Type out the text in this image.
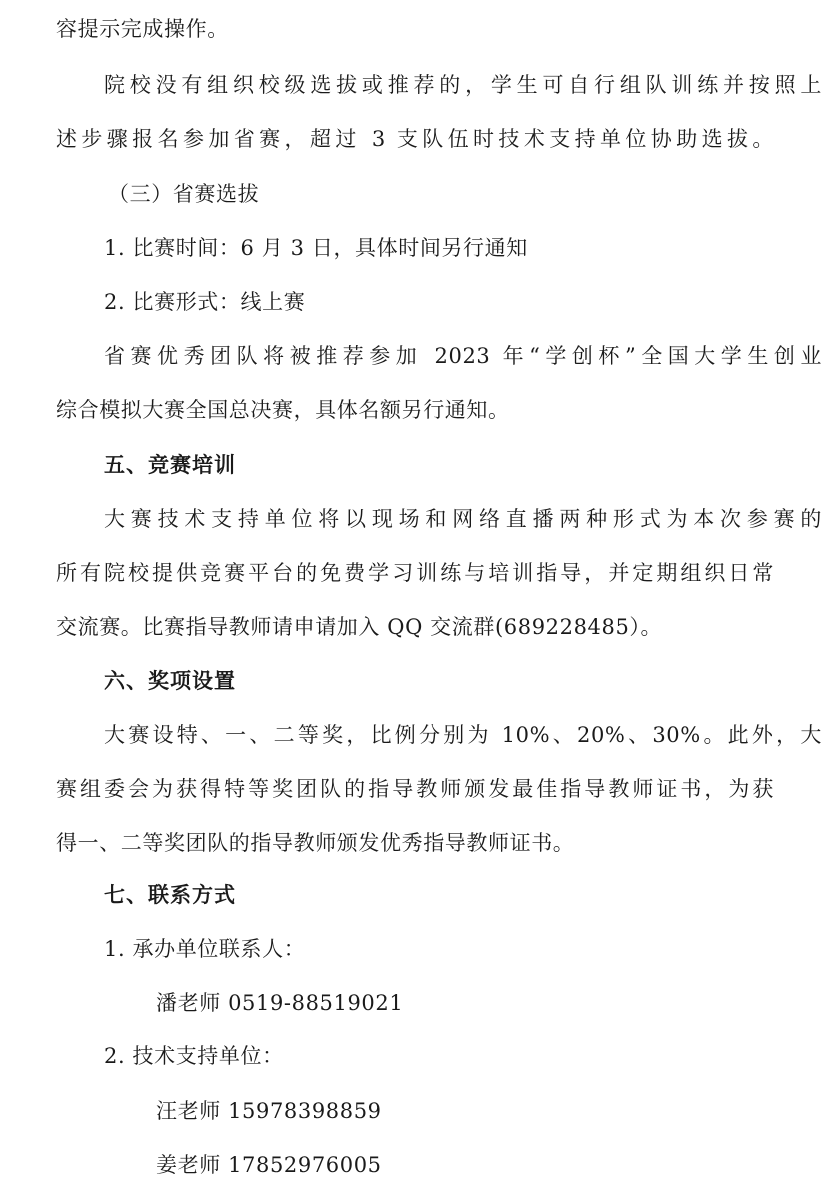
容提示完成操作。
院校没有组织校级选拔或推荐的，学生可自行组队训练并按照上
述步骤报名参加省赛，超过 3 支队伍时技术支持单位协助选拔。
（三）省赛选拔
1. 比赛时间：6 月 3 日，具体时间另行通知
2. 比赛形式：线上赛
省赛优秀团队将被推荐参加 2023 年“学创杯”全国大学生创业
综合模拟大赛全国总决赛，具体名额另行通知。
五、竞赛培训
大赛技术支持单位将以现场和网络直播两种形式为本次参赛的
所有院校提供竞赛平台的免费学习训练与培训指导，并定期组织日常
交流赛。比赛指导教师请申请加入 QQ 交流群(689228485）。
六、奖项设置
大赛设特、一、二等奖，比例分别为 10%、20%、30%。此外，大
赛组委会为获得特等奖团队的指导教师颁发最佳指导教师证书，为获
得一、二等奖团队的指导教师颁发优秀指导教师证书。
七、联系方式
1. 承办单位联系人：
潘老师 0519-88519021
2. 技术支持单位：
汪老师 15978398859
姜老师 17852976005
